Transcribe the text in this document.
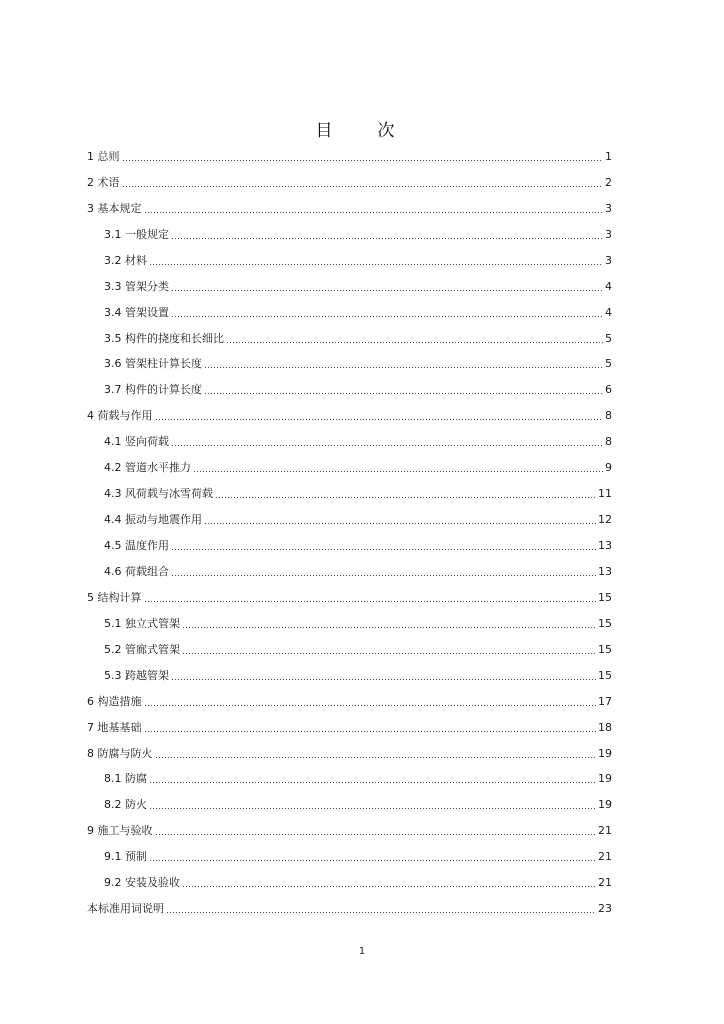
目　次
1 总则	1
2 术语	2
3 基本规定	3
3.1 一般规定	3
3.2 材料	3
3.3 管架分类	4
3.4 管架设置	4
3.5 构件的挠度和长细比	5
3.6 管架柱计算长度	5
3.7 构件的计算长度	6
4 荷载与作用	8
4.1 竖向荷载	8
4.2 管道水平推力	9
4.3 风荷载与冰雪荷载	11
4.4 振动与地震作用	12
4.5 温度作用	13
4.6 荷载组合	13
5 结构计算	15
5.1 独立式管架	15
5.2 管廊式管架	15
5.3 跨越管架	15
6 构造措施	17
7 地基基础	18
8 防腐与防火	19
8.1 防腐	19
8.2 防火	19
9 施工与验收	21
9.1 预制	21
9.2 安装及验收	21
本标准用词说明	23
1
